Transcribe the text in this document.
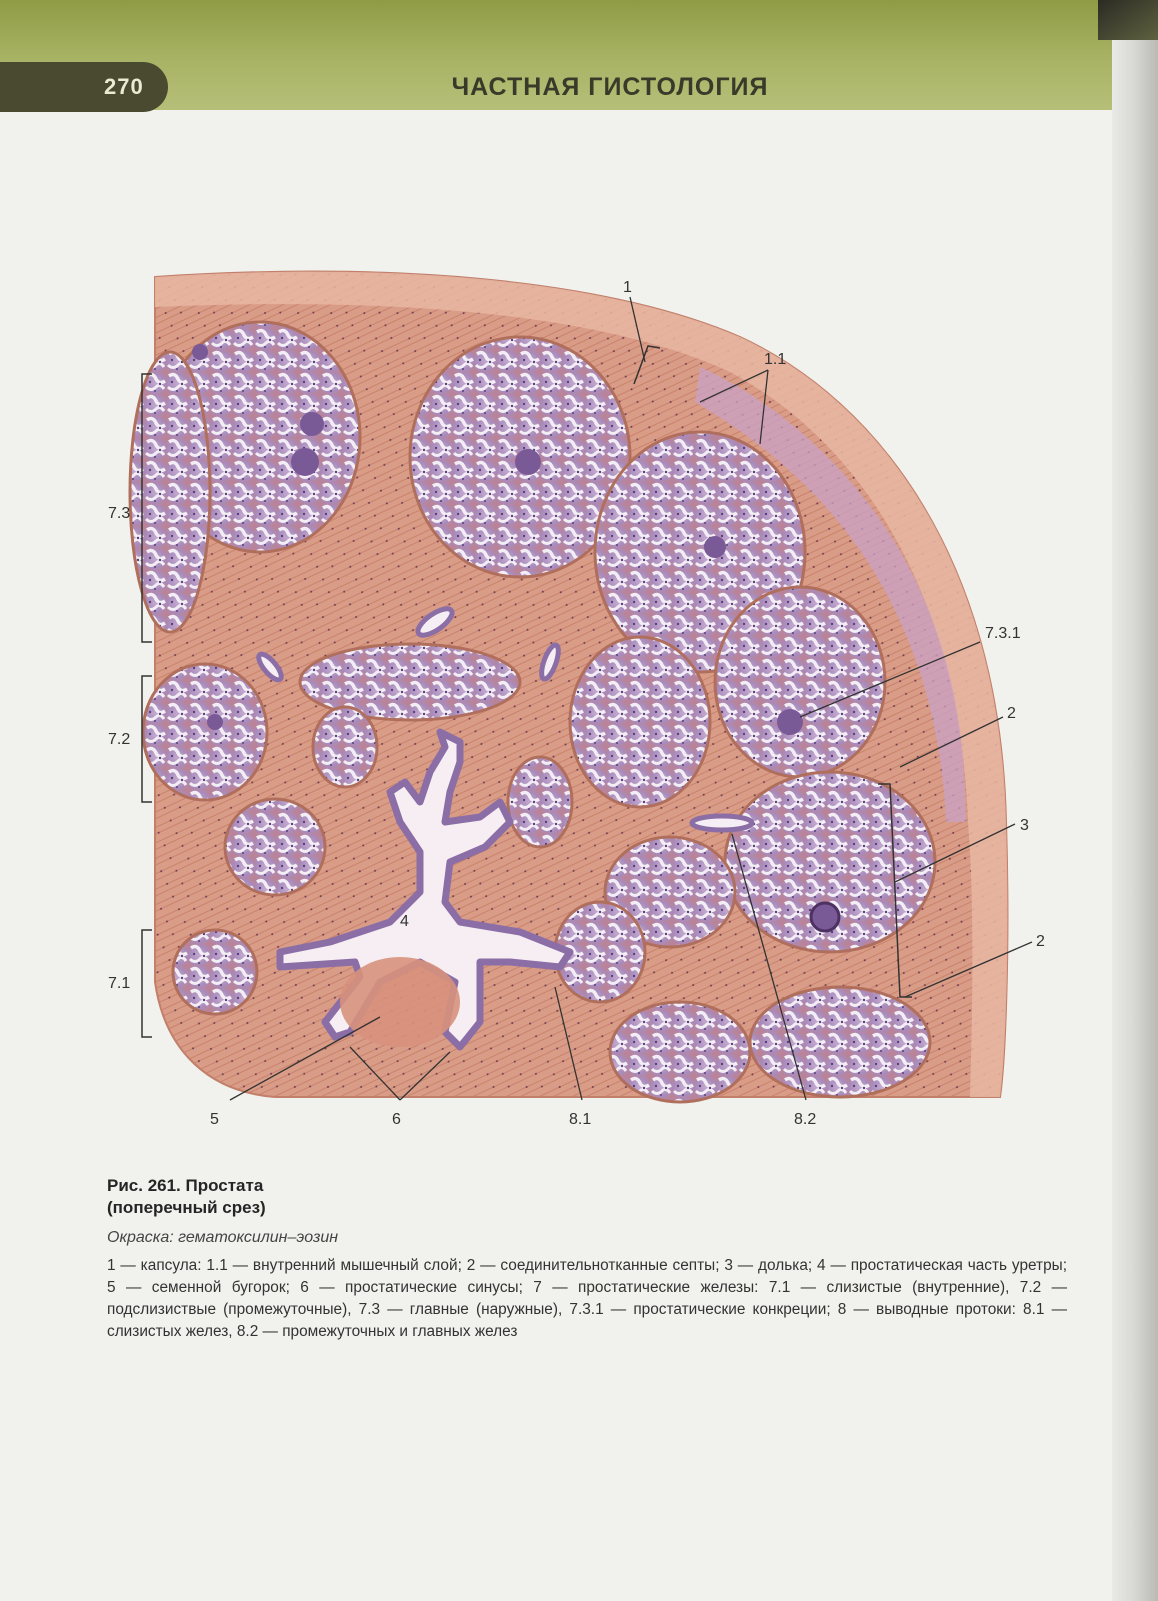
270	ЧАСТНАЯ ГИСТОЛОГИЯ
1
1.1
7.3
7.3.1
7.2
7.1
2
3
2
4
5	6	8.1	8.2
Рис. 261. Простата
(поперечный срез)
Окраска: гематоксилин–эозин
1 — капсула: 1.1 — внутренний мышечный слой; 2 — соединительнотканные септы; 3 — долька; 4 — простатическая часть уретры; 5 — семенной бугорок; 6 — простатические синусы; 7 — простатические железы: 7.1 — слизистые (внутренние), 7.2 — подслизиствые (промежуточные), 7.3 — главные (наружные), 7.3.1 — простатические конкреции; 8 — выводные протоки: 8.1 — слизистых желез, 8.2 — промежуточных и главных желез
